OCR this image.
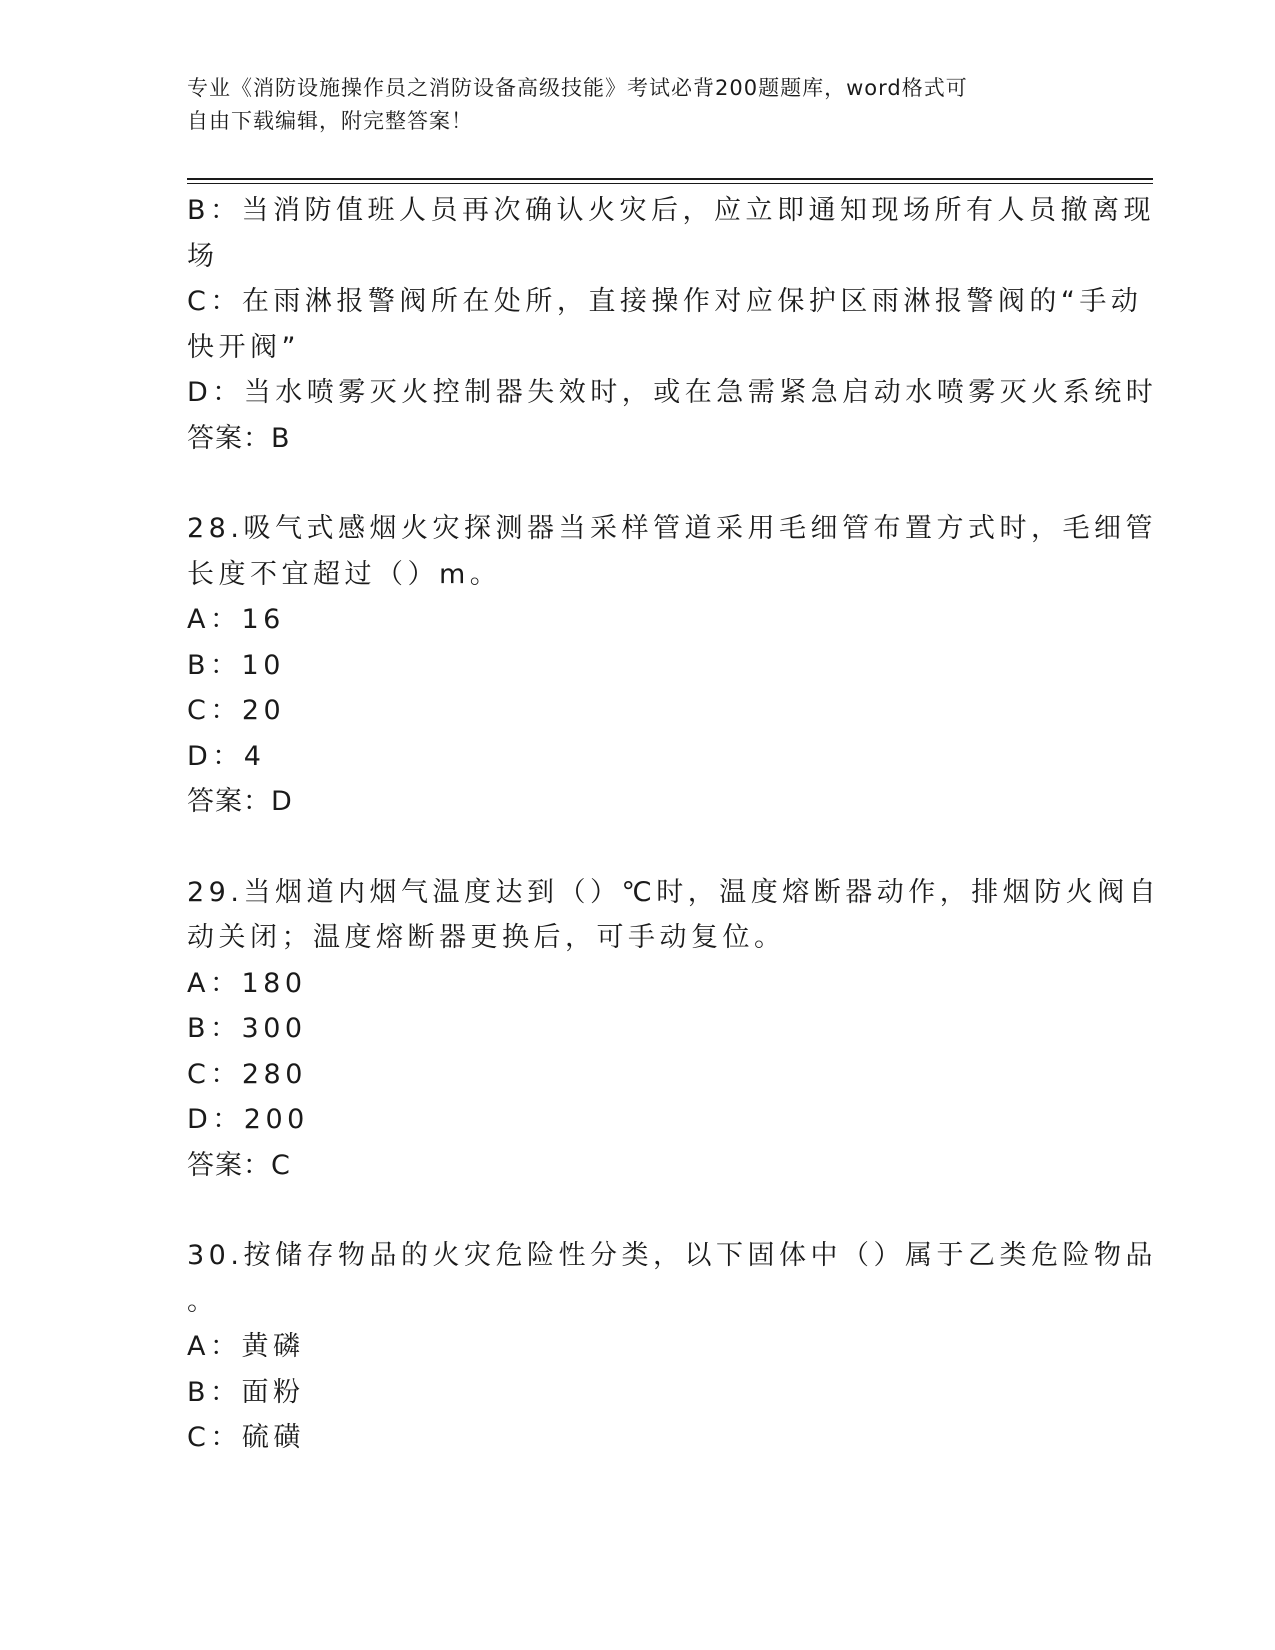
专业《消防设施操作员之消防设备高级技能》考试必背200题题库，word格式可
自由下载编辑，附完整答案！

B：当消防值班人员再次确认火灾后，应立即通知现场所有人员撤离现

场

C：在雨淋报警阀所在处所，直接操作对应保护区雨淋报警阀的“手动

快开阀”

D：当水喷雾灭火控制器失效时，或在急需紧急启动水喷雾灭火系统时

答案：B

28.吸气式感烟火灾探测器当采样管道采用毛细管布置方式时，毛细管

长度不宜超过（）m。

A：16

B：10

C：20

D：4

答案：D

29.当烟道内烟气温度达到（）℃时，温度熔断器动作，排烟防火阀自

动关闭；温度熔断器更换后，可手动复位。

A：180

B：300

C：280

D：200

答案：C

30.按储存物品的火灾危险性分类，以下固体中（）属于乙类危险物品

。

A：黄磷

B：面粉

C：硫磺
